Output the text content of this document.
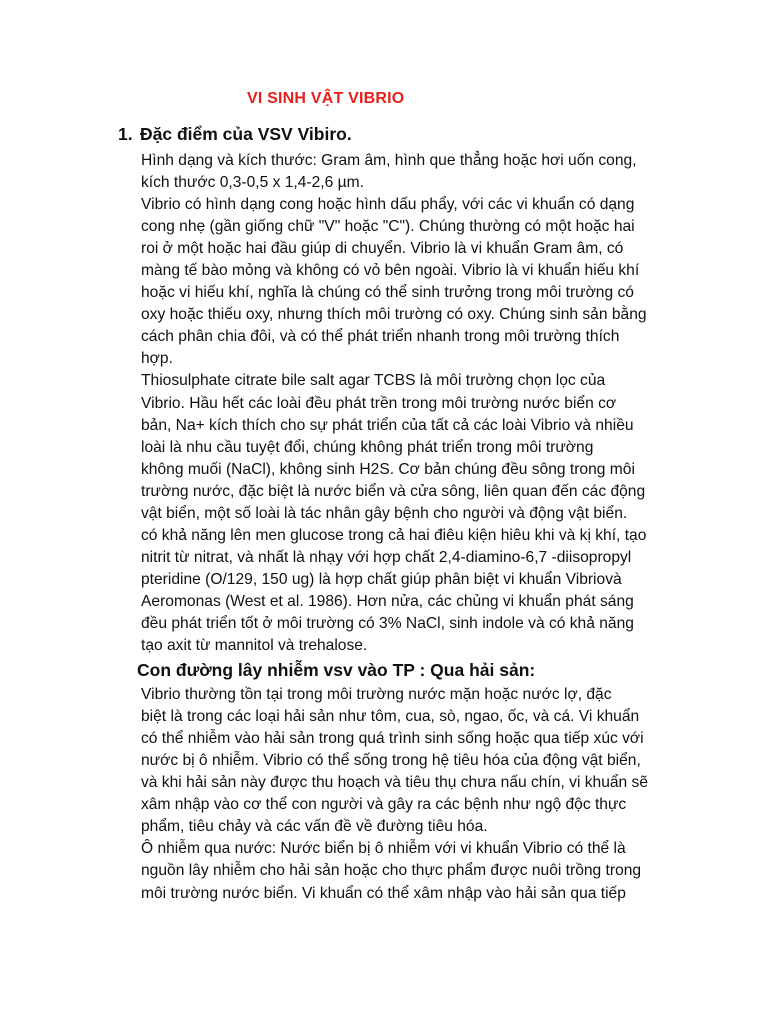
VI SINH VẬT VIBRIO
1. Đặc điểm của VSV Vibiro.

Hình dạng và kích thước: Gram âm, hình que thẳng hoặc hơi uốn cong,

kích thước 0,3-0,5 x 1,4-2,6 µm.

Vibrio có hình dạng cong hoặc hình dấu phẩy, với các vi khuẩn có dạng

cong nhẹ (gần giống chữ "V" hoặc "C"). Chúng thường có một hoặc hai

roi ở một hoặc hai đầu giúp di chuyển. Vibrio là vi khuẩn Gram âm, có

màng tế bào mỏng và không có vỏ bên ngoài. Vibrio là vi khuẩn hiếu khí

hoặc vi hiếu khí, nghĩa là chúng có thể sinh trưởng trong môi trường có

oxy hoặc thiếu oxy, nhưng thích môi trường có oxy. Chúng sinh sản bằng

cách phân chia đôi, và có thể phát triển nhanh trong môi trường thích

hợp.

Thiosulphate citrate bile salt agar TCBS là môi trường chọn lọc của

Vibrio. Hầu hết các loài đều phát trền trong môi trường nước biển cơ

bản, Na+ kích thích cho sự phát triển của tất cả các loài Vibrio và nhiều

loài là nhu cầu tuyệt đổi, chúng không phát triển trong môi trường

không muối (NaCl), không sinh H2S. Cơ bản chúng đều sông trong môi

trường nước, đặc biệt là nước biển và cửa sông, liên quan đến các động

vật biển, một số loài là tác nhân gây bệnh cho người và động vật biển.

có khả năng lên men glucose trong cả hai điêu kiện hiêu khi và kị khí, tạo

nitrit từ nitrat, và nhất là nhạy với hợp chất 2,4-diamino-6,7 -diisopropyl

pteridine (O/129, 150 ug) là hợp chất giúp phân biệt vi khuẩn Vibriovà

Aeromonas (West et al. 1986). Hơn nửa, các chủng vi khuẩn phát sáng

đều phát triển tốt ở môi trường có 3% NaCl, sinh indole và có khả năng

tạo axit từ mannitol và trehalose.

Con đường lây nhiễm vsv vào TP : Qua hải sản:

Vibrio thường tồn tại trong môi trường nước mặn hoặc nước lợ, đặc

biệt là trong các loại hải sản như tôm, cua, sò, ngao, ốc, và cá. Vi khuẩn

có thể nhiễm vào hải sản trong quá trình sinh sống hoặc qua tiếp xúc với

nước bị ô nhiễm. Vibrio có thể sống trong hệ tiêu hóa của động vật biển,

và khi hải sản này được thu hoạch và tiêu thụ chưa nấu chín, vi khuẩn sẽ

xâm nhập vào cơ thể con người và gây ra các bệnh như ngộ độc thực

phẩm, tiêu chảy và các vấn đề về đường tiêu hóa.

Ô nhiễm qua nước: Nước biển bị ô nhiễm với vi khuẩn Vibrio có thể là

nguồn lây nhiễm cho hải sản hoặc cho thực phẩm được nuôi trồng trong

môi trường nước biển. Vi khuẩn có thể xâm nhập vào hải sản qua tiếp
